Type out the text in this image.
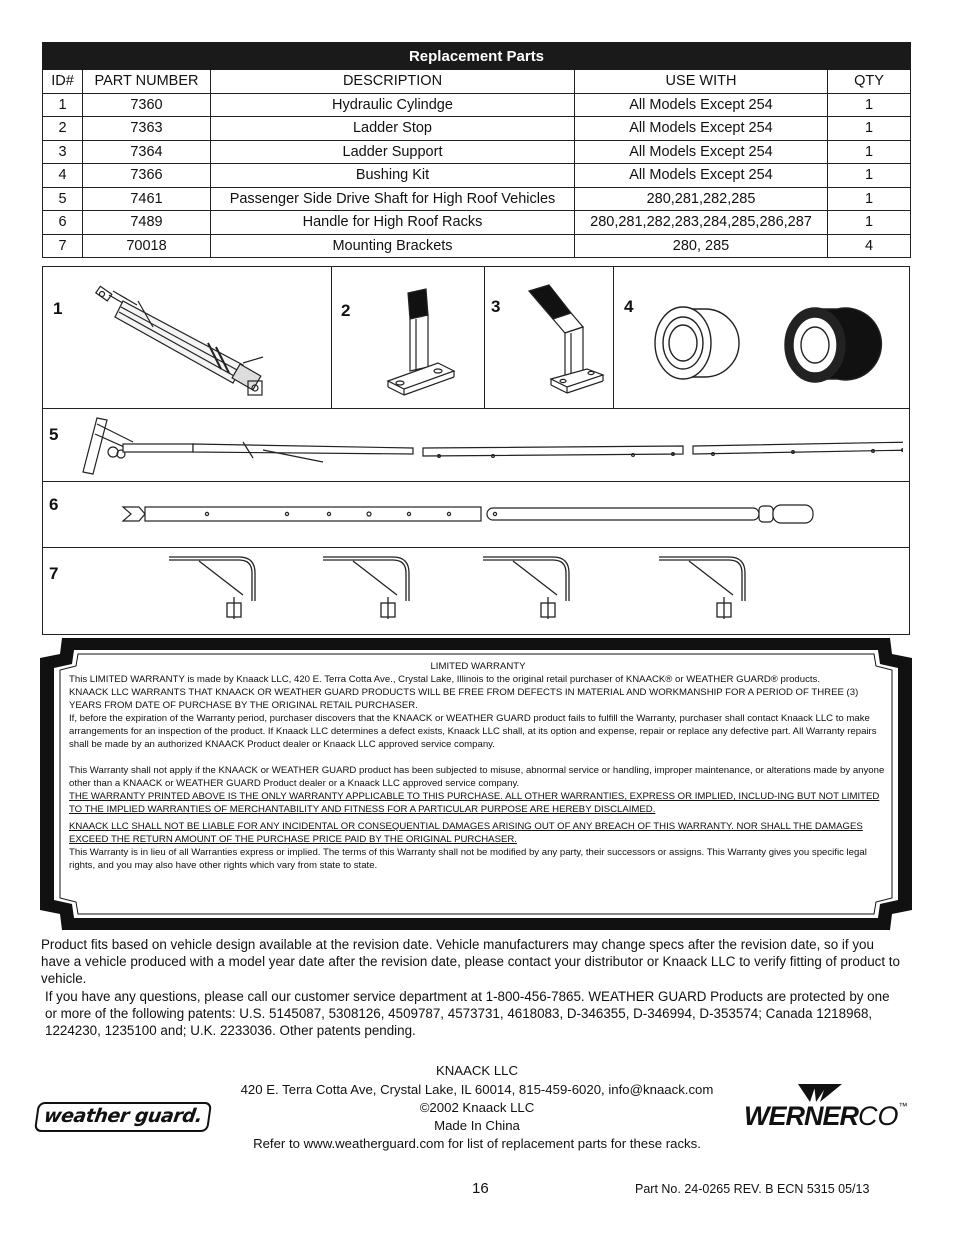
Replacement Parts				
ID#	PART NUMBER	DESCRIPTION	USE WITH	QTY
1	7360	Hydraulic Cylindge	All Models Except 254	1
2	7363	Ladder Stop	All Models Except 254	1
3	7364	Ladder Support	All Models Except 254	1
4	7366	Bushing Kit	All Models Except 254	1
5	7461	Passenger Side Drive Shaft for High Roof Vehicles	280,281,282,285	1
6	7489	Handle for High Roof Racks	280,281,282,283,284,285,286,287	1
7	70018	Mounting Brackets	280, 285	4
1	2	3	4
5
6
7

LIMITED WARRANTY

This LIMITED WARRANTY is made by Knaack LLC, 420 E. Terra Cotta Ave., Crystal Lake, Illinois to the original retail purchaser of KNAACK® or WEATHER GUARD® products.

KNAACK LLC WARRANTS THAT KNAACK OR WEATHER GUARD PRODUCTS WILL BE FREE FROM DEFECTS IN MATERIAL AND WORKMANSHIP FOR A PERIOD OF THREE (3) YEARS FROM DATE OF PURCHASE BY THE ORIGINAL RETAIL PURCHASER.

If, before the expiration of the Warranty period, purchaser discovers that the KNAACK or WEATHER GUARD product fails to fulfill the Warranty, purchaser shall contact Knaack LLC to make arrangements for an inspection of the product. If Knaack LLC determines a defect exists, Knaack LLC shall, at its option and expense, repair or replace any defective part. All Warranty repairs shall be made by an authorized KNAACK Product dealer or Knaack LLC approved service company.

This Warranty shall not apply if the KNAACK or WEATHER GUARD product has been subjected to misuse, abnormal service or handling, improper maintenance, or alterations made by anyone other than a KNAACK or WEATHER GUARD Product dealer or a Knaack LLC approved service company.

THE WARRANTY PRINTED ABOVE IS THE ONLY WARRANTY APPLICABLE TO THIS PURCHASE. ALL OTHER WARRANTIES, EXPRESS OR IMPLIED, INCLUD-ING BUT NOT LIMITED TO THE IMPLIED WARRANTIES OF MERCHANTABILITY AND FITNESS FOR A PARTICULAR PURPOSE ARE HEREBY DISCLAIMED.

KNAACK LLC SHALL NOT BE LIABLE FOR ANY INCIDENTAL OR CONSEQUENTIAL DAMAGES ARISING OUT OF ANY BREACH OF THIS WARRANTY. NOR SHALL THE DAMAGES EXCEED THE RETURN AMOUNT OF THE PURCHASE PRICE PAID BY THE ORIGINAL PURCHASER.

This Warranty is in lieu of all Warranties express or implied. The terms of this Warranty shall not be modified by any party, their successors or assigns. This Warranty gives you specific legal rights, and you may also have other rights which vary from state to state.

Product fits based on vehicle design available at the revision date. Vehicle manufacturers may change specs after the revision date, so if you have a vehicle produced with a model year date after the revision date, please contact your distributor or Knaack LLC to verify fitting of product to vehicle.
If you have any questions, please call our customer service department at 1-800-456-7865. WEATHER GUARD Products are protected by one or more of the following patents: U.S. 5145087, 5308126, 4509787, 4573731, 4618083, D-346355, D-346994, D-353574; Canada 1218968, 1224230, 1235100 and; U.K. 2233036. Other patents pending.
KNAACK LLC
420 E. Terra Cotta Ave, Crystal Lake, IL 60014, 815-459-6020, info@knaack.com
©2002 Knaack LLC
Made In China
Refer to www.weatherguard.com for list of replacement parts for these racks.
weather guard.	WERNERCO™
16	Part No. 24-0265 REV. B ECN 5315 05/13
